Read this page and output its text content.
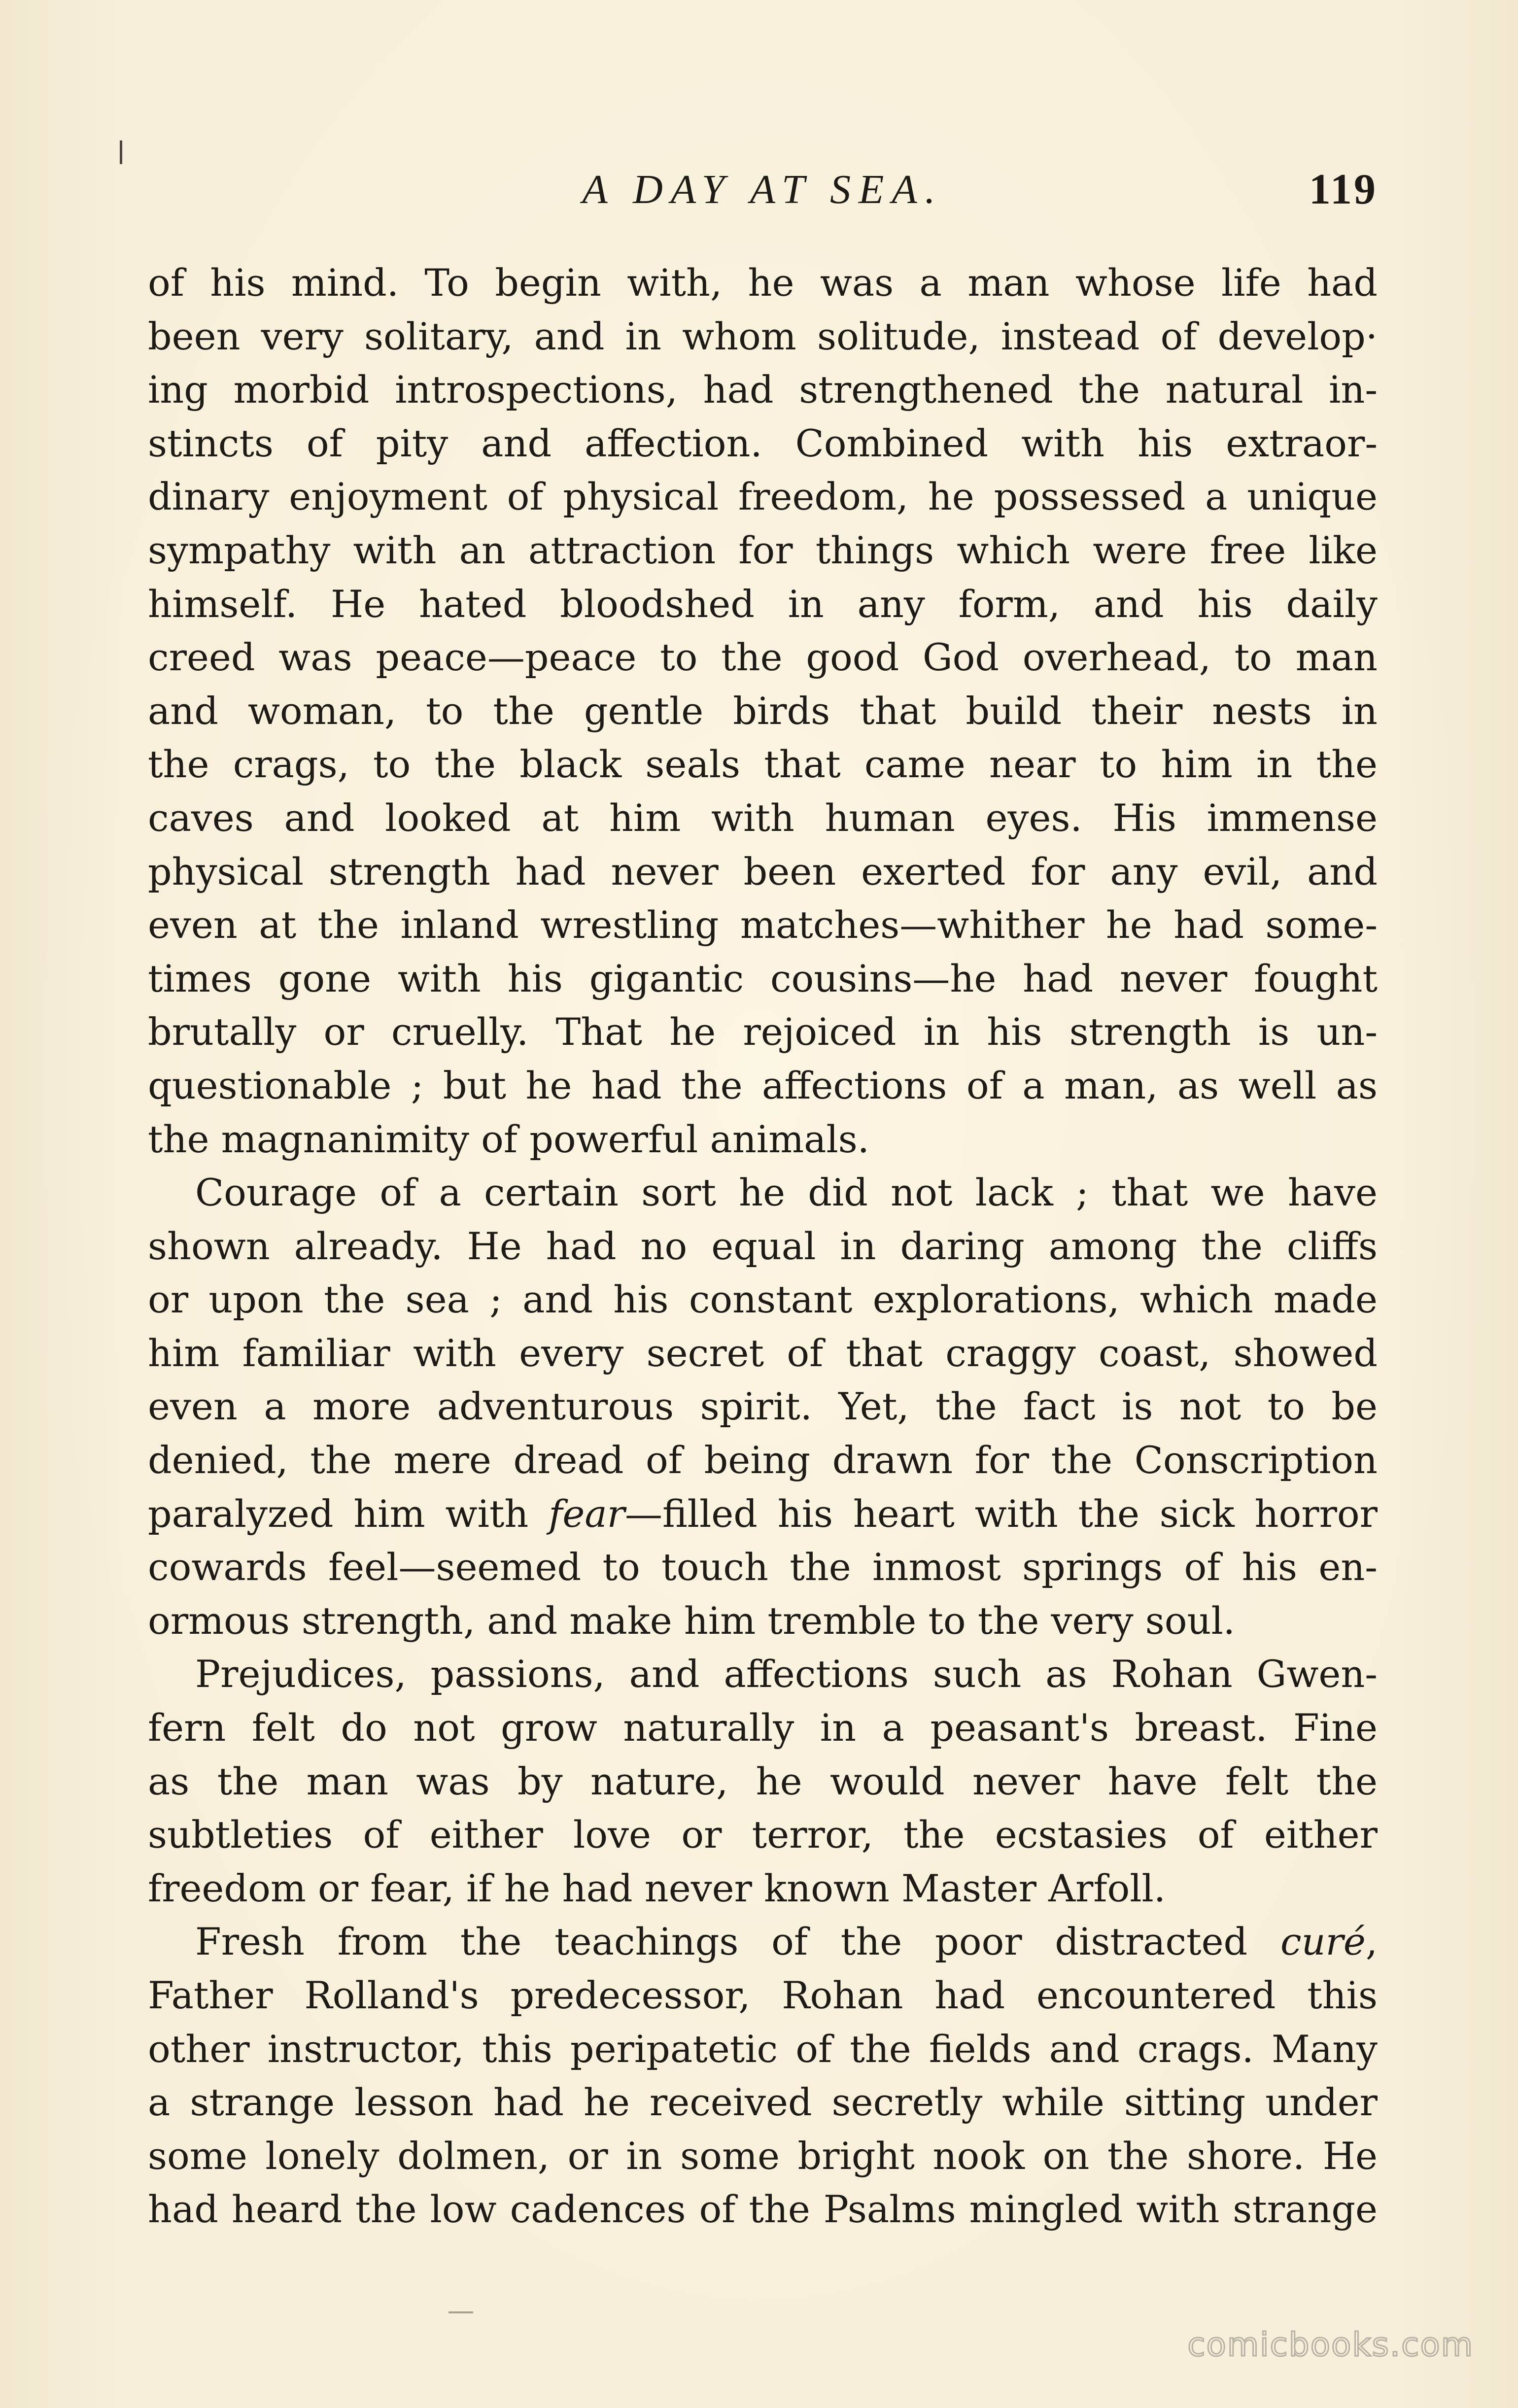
A DAY AT SEA.	119
of his mind. To begin with, he was a man whose life had
been very solitary, and in whom solitude, instead of develop·
ing morbid introspections, had strengthened the natural in-
stincts of pity and affection. Combined with his extraor-
dinary enjoyment of physical freedom, he possessed a unique
sympathy with an attraction for things which were free like
himself. He hated bloodshed in any form, and his daily
creed was peace—peace to the good God overhead, to man
and woman, to the gentle birds that build their nests in
the crags, to the black seals that came near to him in the
caves and looked at him with human eyes. His immense
physical strength had never been exerted for any evil, and
even at the inland wrestling matches—whither he had some-
times gone with his gigantic cousins—he had never fought
brutally or cruelly. That he rejoiced in his strength is un-
questionable ; but he had the affections of a man, as well as
the magnanimity of powerful animals.
Courage of a certain sort he did not lack ; that we have
shown already. He had no equal in daring among the cliffs
or upon the sea ; and his constant explorations, which made
him familiar with every secret of that craggy coast, showed
even a more adventurous spirit. Yet, the fact is not to be
denied, the mere dread of being drawn for the Conscription
paralyzed him with fear—filled his heart with the sick horror
cowards feel—seemed to touch the inmost springs of his en-
ormous strength, and make him tremble to the very soul.
Prejudices, passions, and affections such as Rohan Gwen-
fern felt do not grow naturally in a peasant's breast. Fine
as the man was by nature, he would never have felt the
subtleties of either love or terror, the ecstasies of either
freedom or fear, if he had never known Master Arfoll.
Fresh from the teachings of the poor distracted curé,
Father Rolland's predecessor, Rohan had encountered this
other instructor, this peripatetic of the fields and crags. Many
a strange lesson had he received secretly while sitting under
some lonely dolmen, or in some bright nook on the shore. He
had heard the low cadences of the Psalms mingled with strange
comicbooks.com
